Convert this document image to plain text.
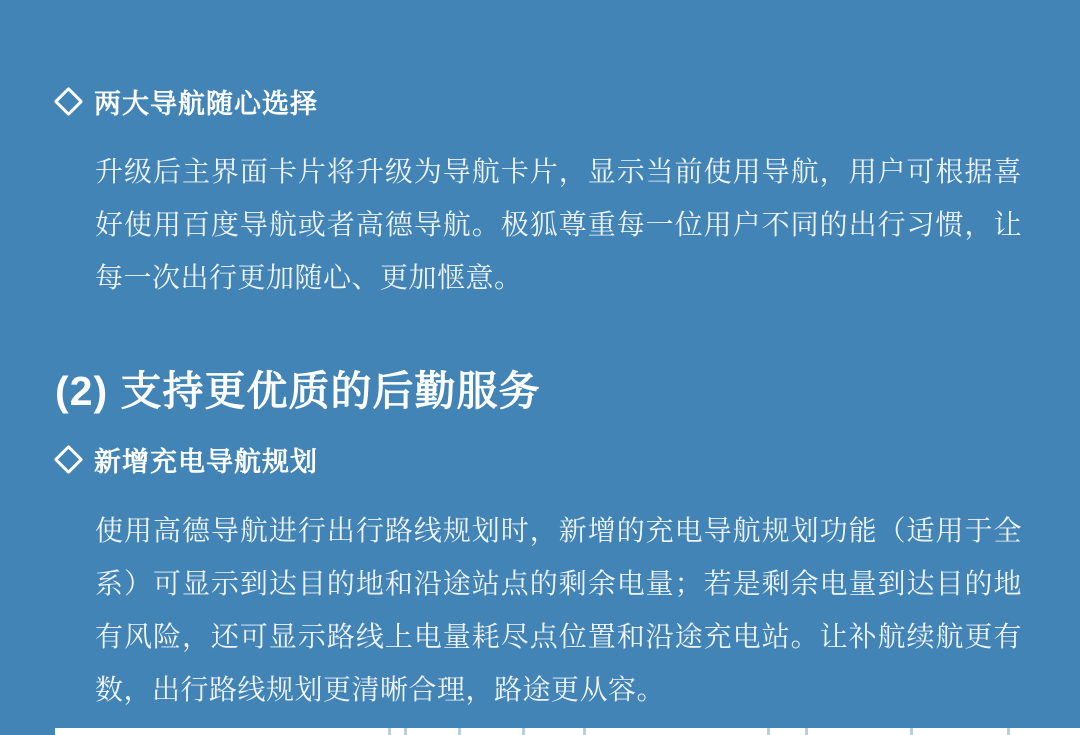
两大导航随心选择
升级后主界面卡片将升级为导航卡片，显示当前使用导航，用户可根据喜
好使用百度导航或者高德导航。极狐尊重每一位用户不同的出行习惯，让
每一次出行更加随心、更加惬意。
(2) 支持更优质的后勤服务
新增充电导航规划
使用高德导航进行出行路线规划时，新增的充电导航规划功能（适用于全
系）可显示到达目的地和沿途站点的剩余电量；若是剩余电量到达目的地
有风险，还可显示路线上电量耗尽点位置和沿途充电站。让补航续航更有
数，出行路线规划更清晰合理，路途更从容。
